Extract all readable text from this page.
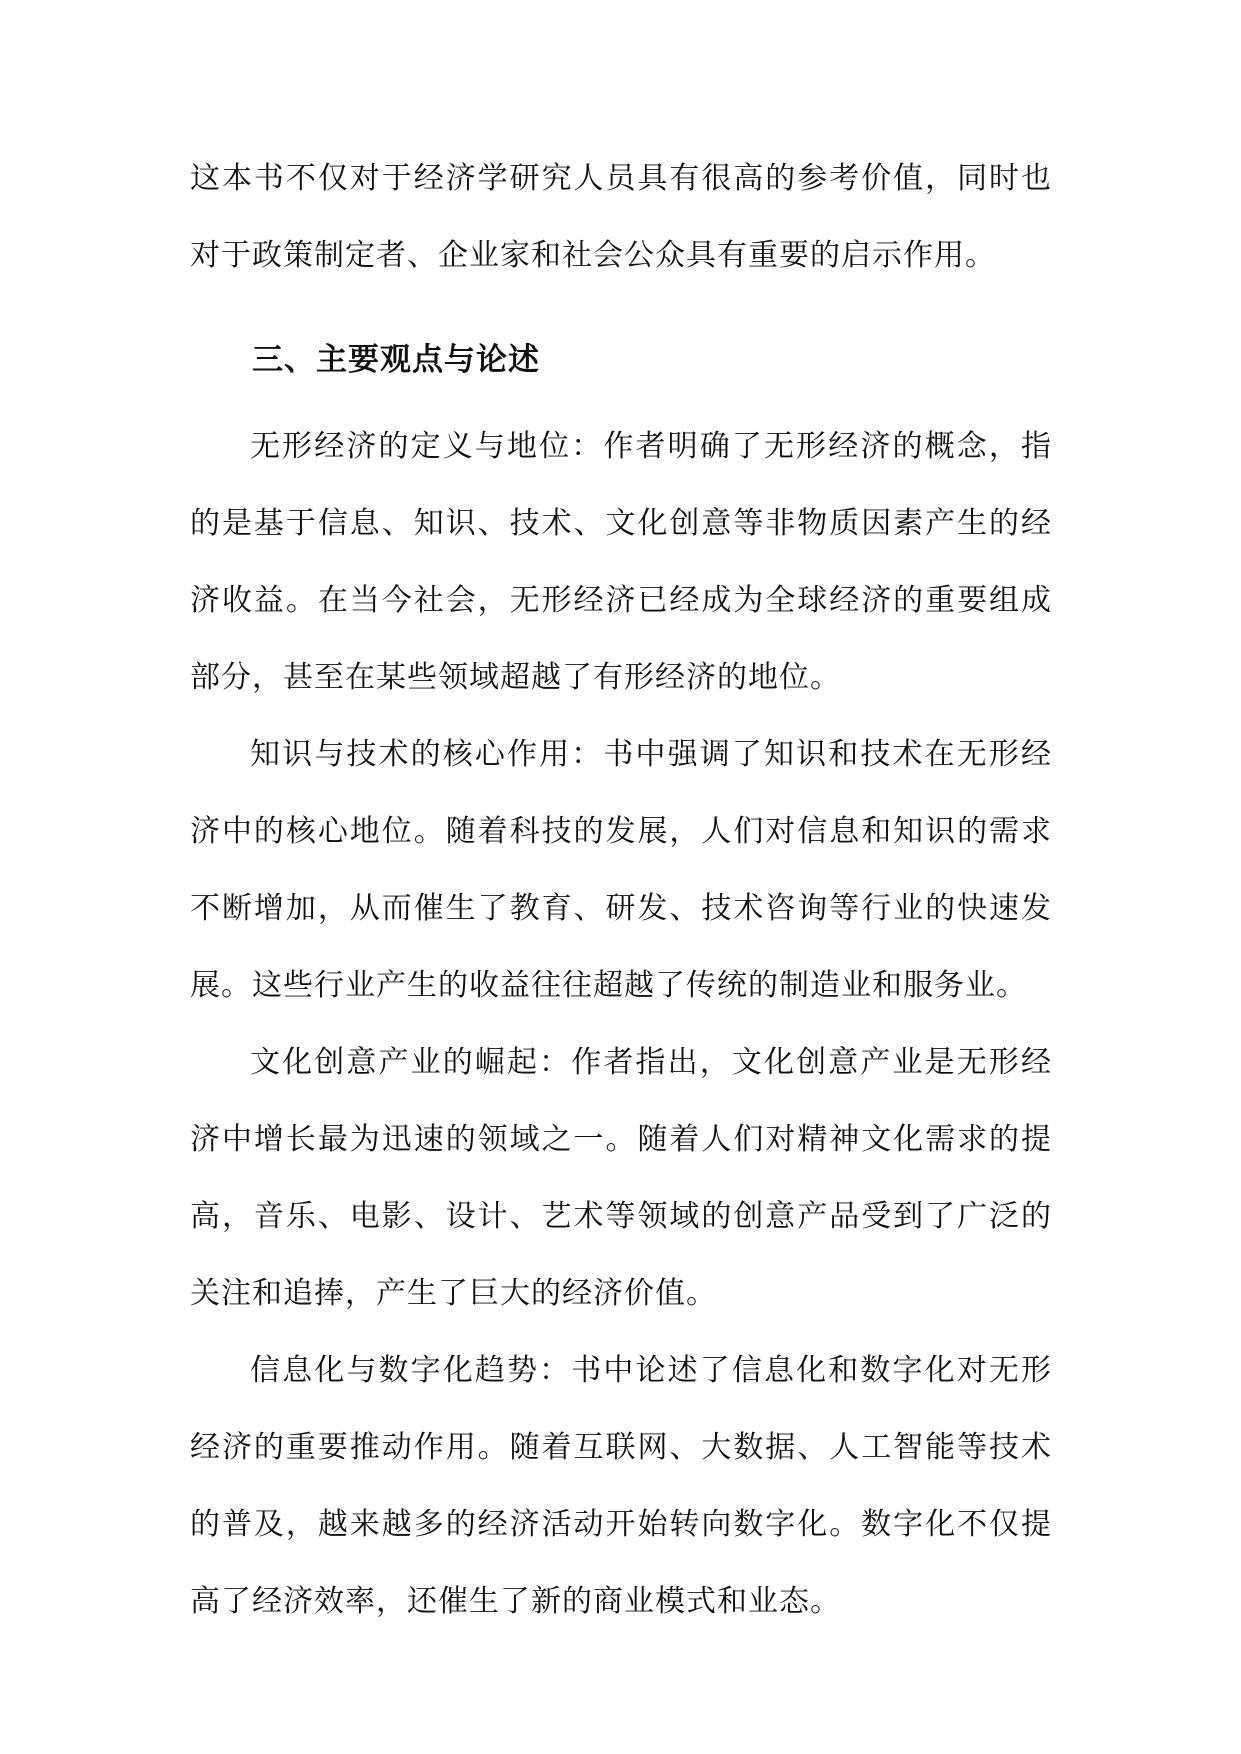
这本书不仅对于经济学研究人员具有很高的参考价值，同时也对于政策制定者、企业家和社会公众具有重要的启示作用。

三、主要观点与论述

无形经济的定义与地位：作者明确了无形经济的概念，指的是基于信息、知识、技术、文化创意等非物质因素产生的经济收益。在当今社会，无形经济已经成为全球经济的重要组成部分，甚至在某些领域超越了有形经济的地位。

知识与技术的核心作用：书中强调了知识和技术在无形经济中的核心地位。随着科技的发展，人们对信息和知识的需求不断增加，从而催生了教育、研发、技术咨询等行业的快速发展。这些行业产生的收益往往超越了传统的制造业和服务业。

文化创意产业的崛起：作者指出，文化创意产业是无形经济中增长最为迅速的领域之一。随着人们对精神文化需求的提高，音乐、电影、设计、艺术等领域的创意产品受到了广泛的关注和追捧，产生了巨大的经济价值。

信息化与数字化趋势：书中论述了信息化和数字化对无形经济的重要推动作用。随着互联网、大数据、人工智能等技术的普及，越来越多的经济活动开始转向数字化。数字化不仅提高了经济效率，还催生了新的商业模式和业态。
